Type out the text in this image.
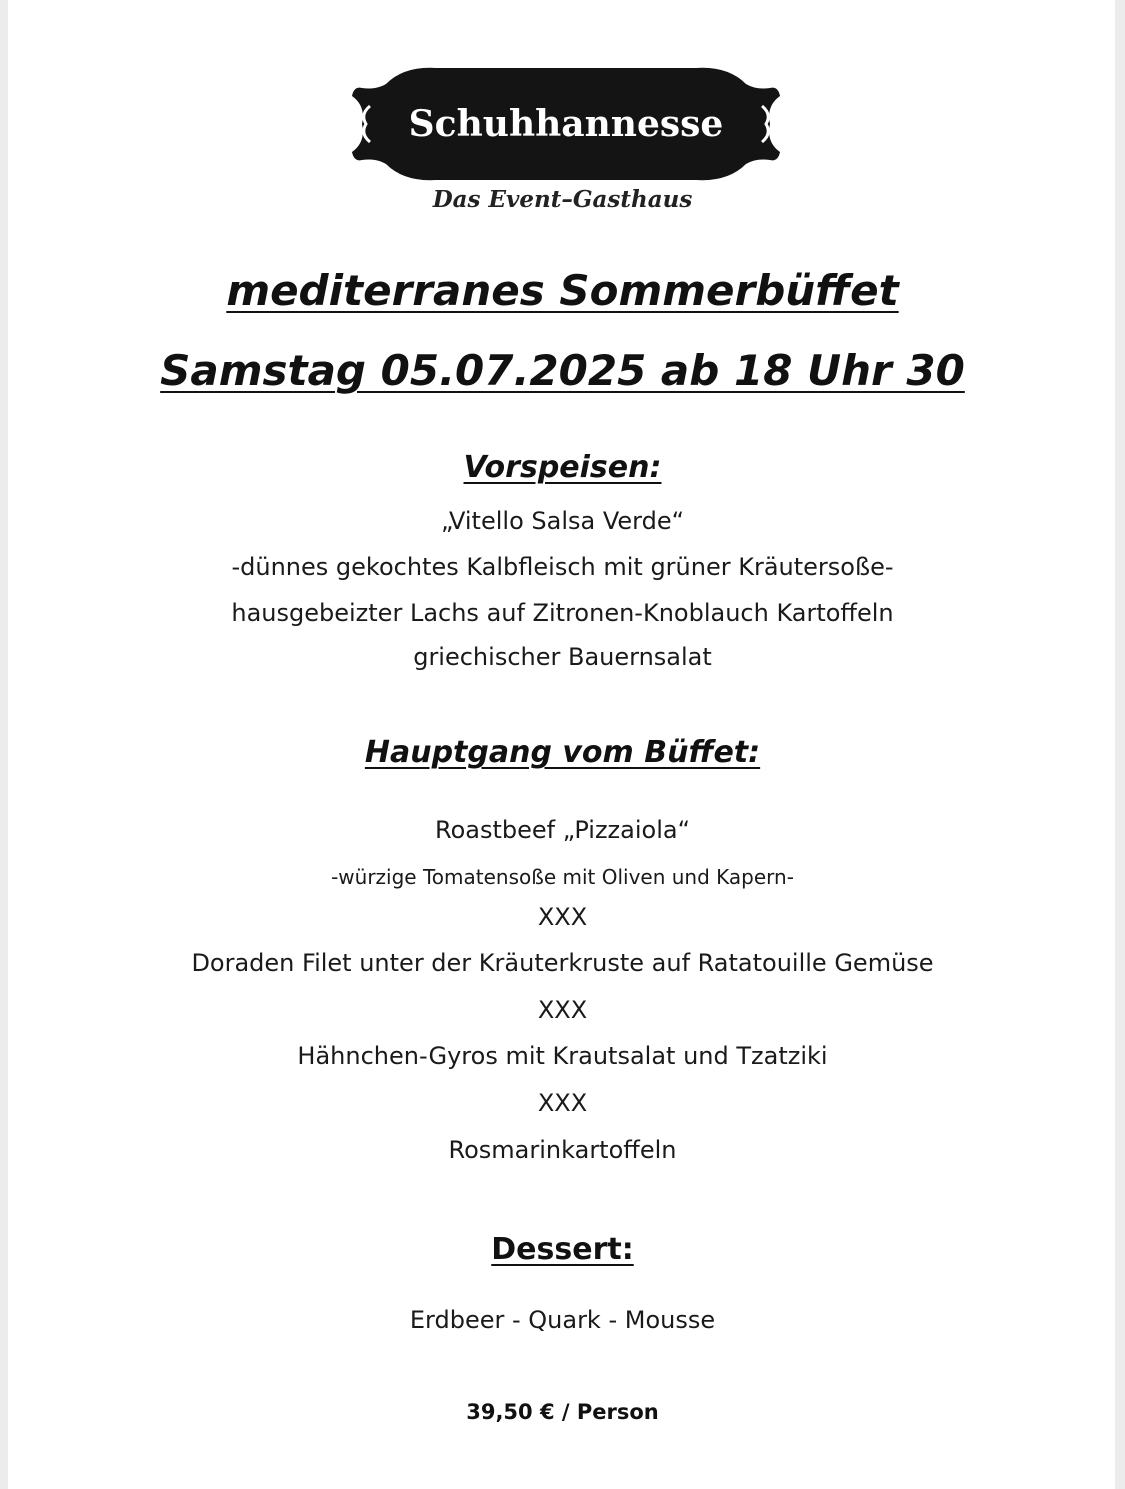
Schuhhannesse
Das Event–Gasthaus
mediterranes Sommerbüffet
Samstag 05.07.2025 ab 18 Uhr 30
Vorspeisen:
„Vitello Salsa Verde“
-dünnes gekochtes Kalbfleisch mit grüner Kräutersoße-
hausgebeizter Lachs auf Zitronen-Knoblauch Kartoffeln
griechischer Bauernsalat
Hauptgang vom Büffet:
Roastbeef „Pizzaiola“
-würzige Tomatensoße mit Oliven und Kapern-
XXX
Doraden Filet unter der Kräuterkruste auf Ratatouille Gemüse
XXX
Hähnchen-Gyros mit Krautsalat und Tzatziki
XXX
Rosmarinkartoffeln
Dessert:
Erdbeer - Quark - Mousse
39,50 € / Person
